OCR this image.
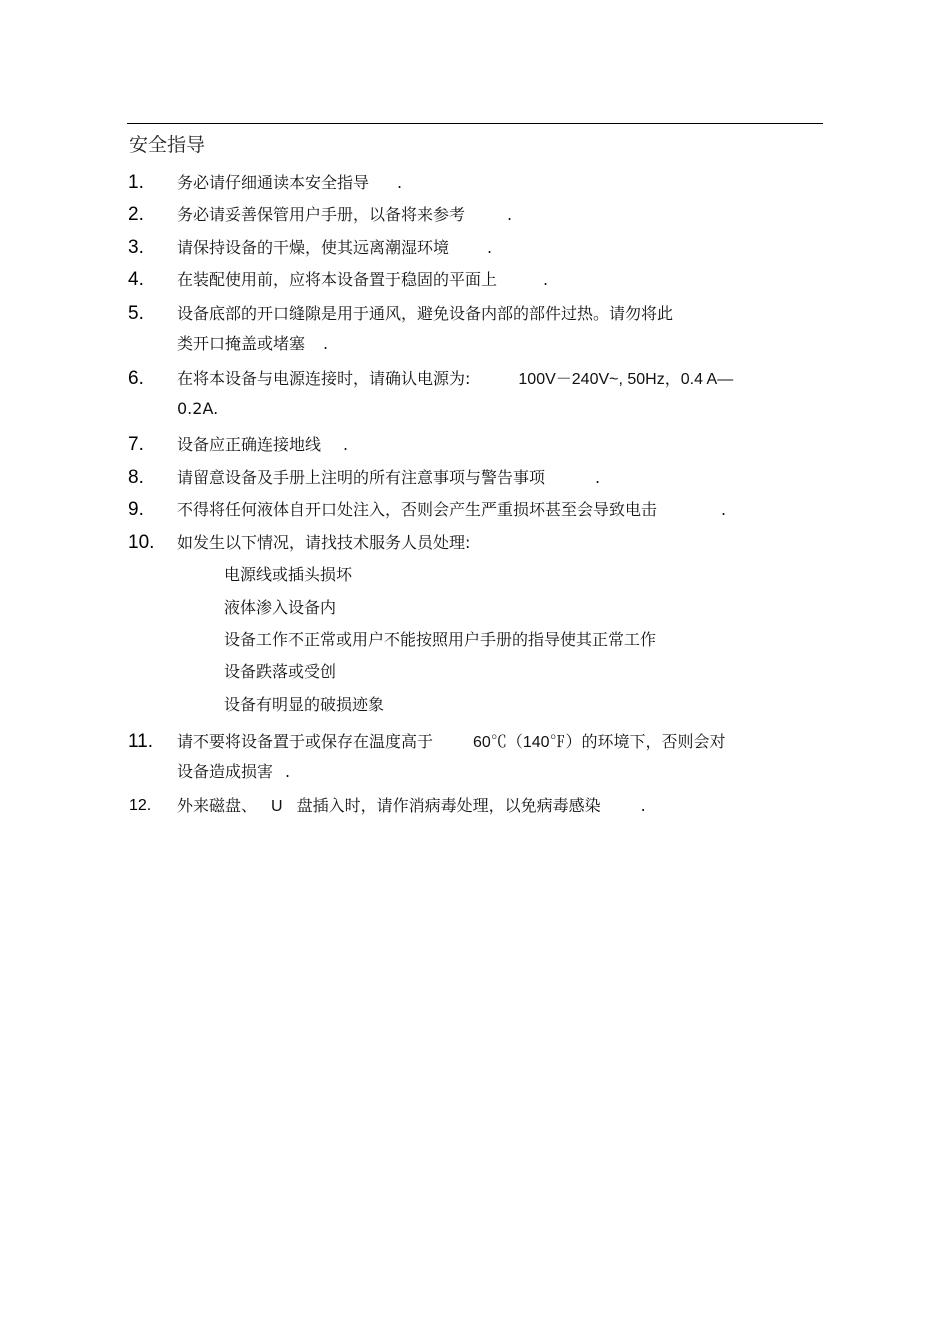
安全指导
1. 务必请仔细通读本安全指导 .
2. 务必请妥善保管用户手册，以备将来参考	.
3. 请保持设备的干燥，使其远离潮湿环境 .
4. 在装配使用前，应将本设备置于稳固的平面上	.
5. 设备底部的开口缝隙是用于通风，避免设备内部的部件过热。请勿将此
类开口掩盖或堵塞 .
6. 在将本设备与电源连接时，请确认电源为:	100V－240V~, 50Hz，0.4 A—
0.2A.
7. 设备应正确连接地线 .
8. 请留意设备及手册上注明的所有注意事项与警告事项	.
9. 不得将任何液体自开口处注入，否则会产生严重损坏甚至会导致电击	.
10. 如发生以下情况，请找技术服务人员处理:
电源线或插头损坏
液体渗入设备内
设备工作不正常或用户不能按照用户手册的指导使其正常工作
设备跌落或受创
设备有明显的破损迹象
11. 请不要将设备置于或保存在温度高于	60℃（140℉）的环境下，否则会对
设备造成损害 .
12. 外来磁盘、 U 盘插入时，请作消病毒处理，以免病毒感染	.
